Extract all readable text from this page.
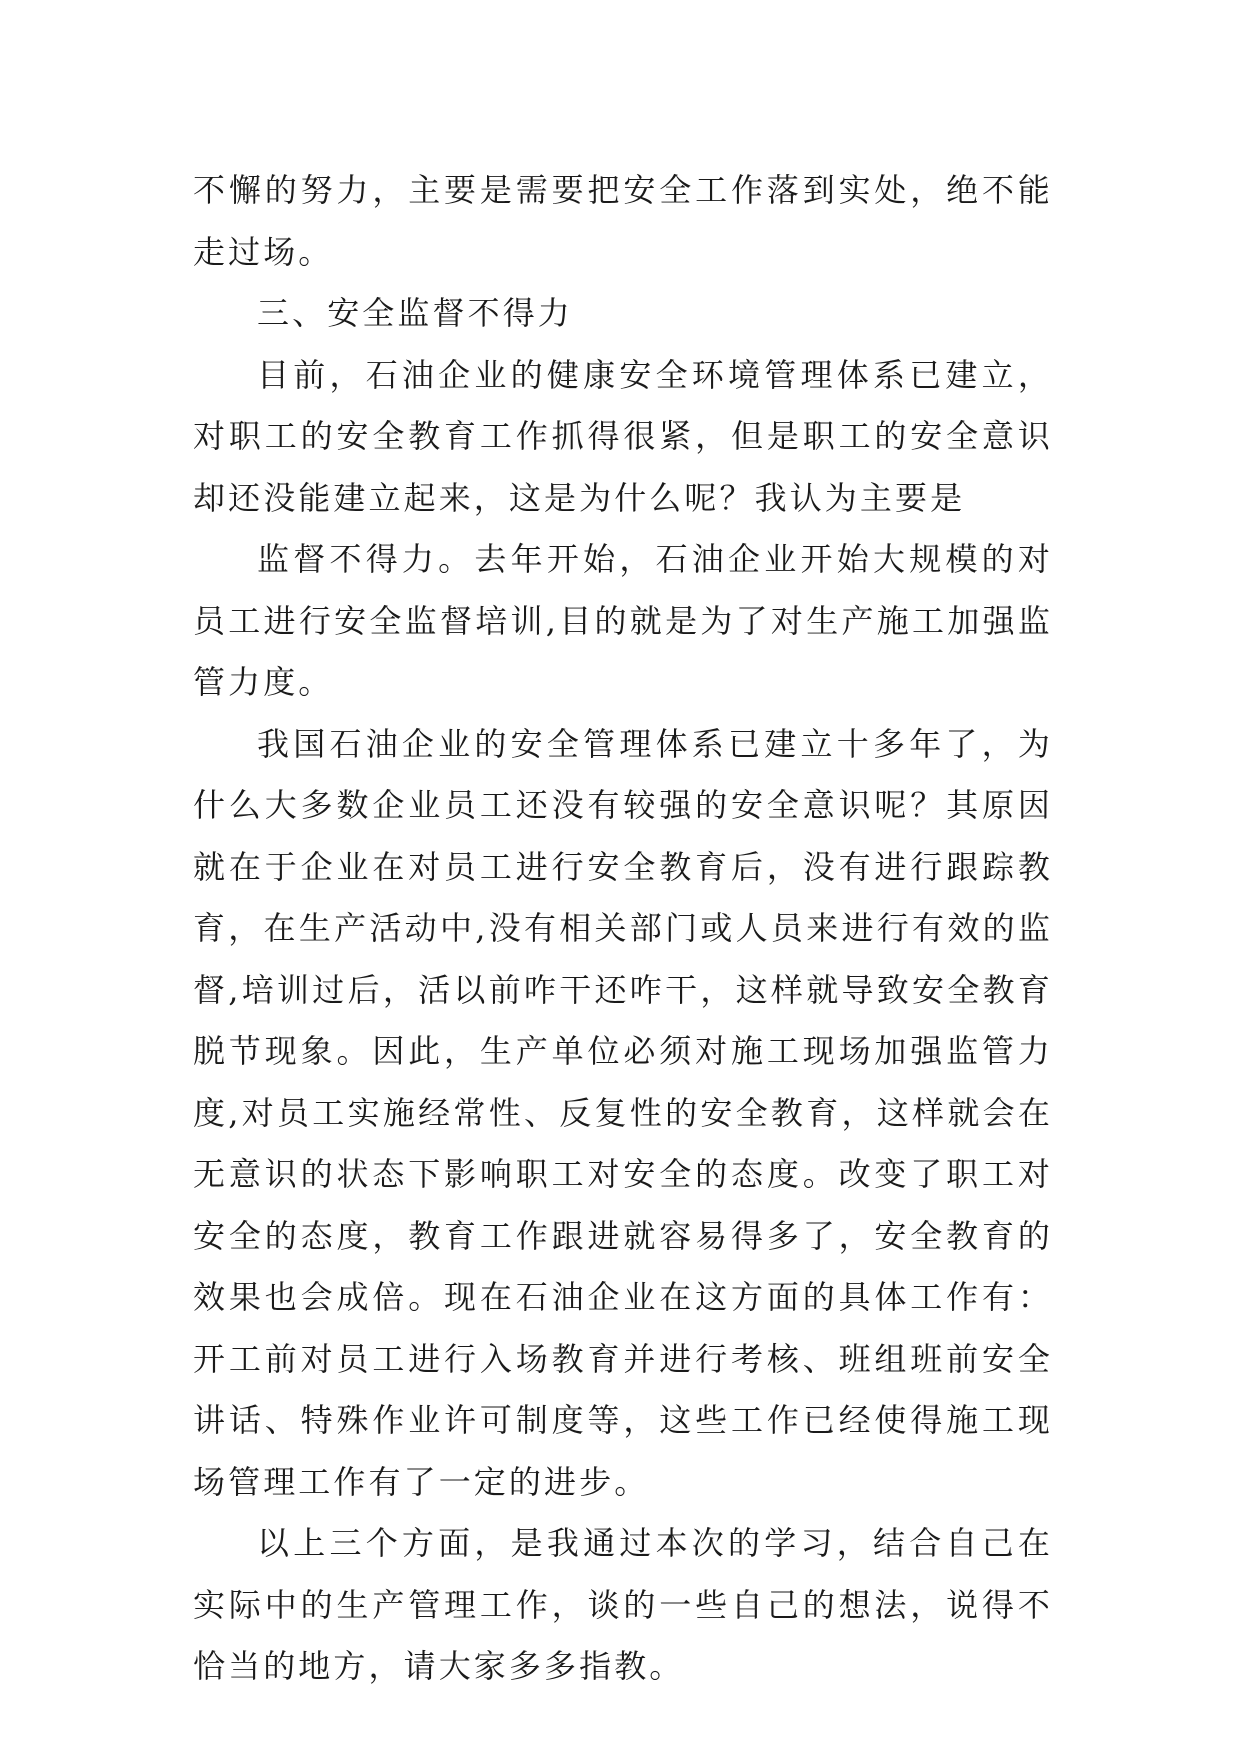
不懈的努力，主要是需要把安全工作落到实处，绝不能走过场。

三、安全监督不得力

目前，石油企业的健康安全环境管理体系已建立，对职工的安全教育工作抓得很紧，但是职工的安全意识却还没能建立起来，这是为什么呢？我认为主要是

监督不得力。去年开始，石油企业开始大规模的对员工进行安全监督培训,目的就是为了对生产施工加强监管力度。

我国石油企业的安全管理体系已建立十多年了，为什么大多数企业员工还没有较强的安全意识呢？其原因就在于企业在对员工进行安全教育后，没有进行跟踪教育，在生产活动中,没有相关部门或人员来进行有效的监督,培训过后，活以前咋干还咋干，这样就导致安全教育脱节现象。因此，生产单位必须对施工现场加强监管力度,对员工实施经常性、反复性的安全教育，这样就会在无意识的状态下影响职工对安全的态度。改变了职工对安全的态度，教育工作跟进就容易得多了，安全教育的效果也会成倍。现在石油企业在这方面的具体工作有：开工前对员工进行入场教育并进行考核、班组班前安全讲话、特殊作业许可制度等，这些工作已经使得施工现场管理工作有了一定的进步。

以上三个方面，是我通过本次的学习，结合自己在实际中的生产管理工作，谈的一些自己的想法，说得不恰当的地方，请大家多多指教。
